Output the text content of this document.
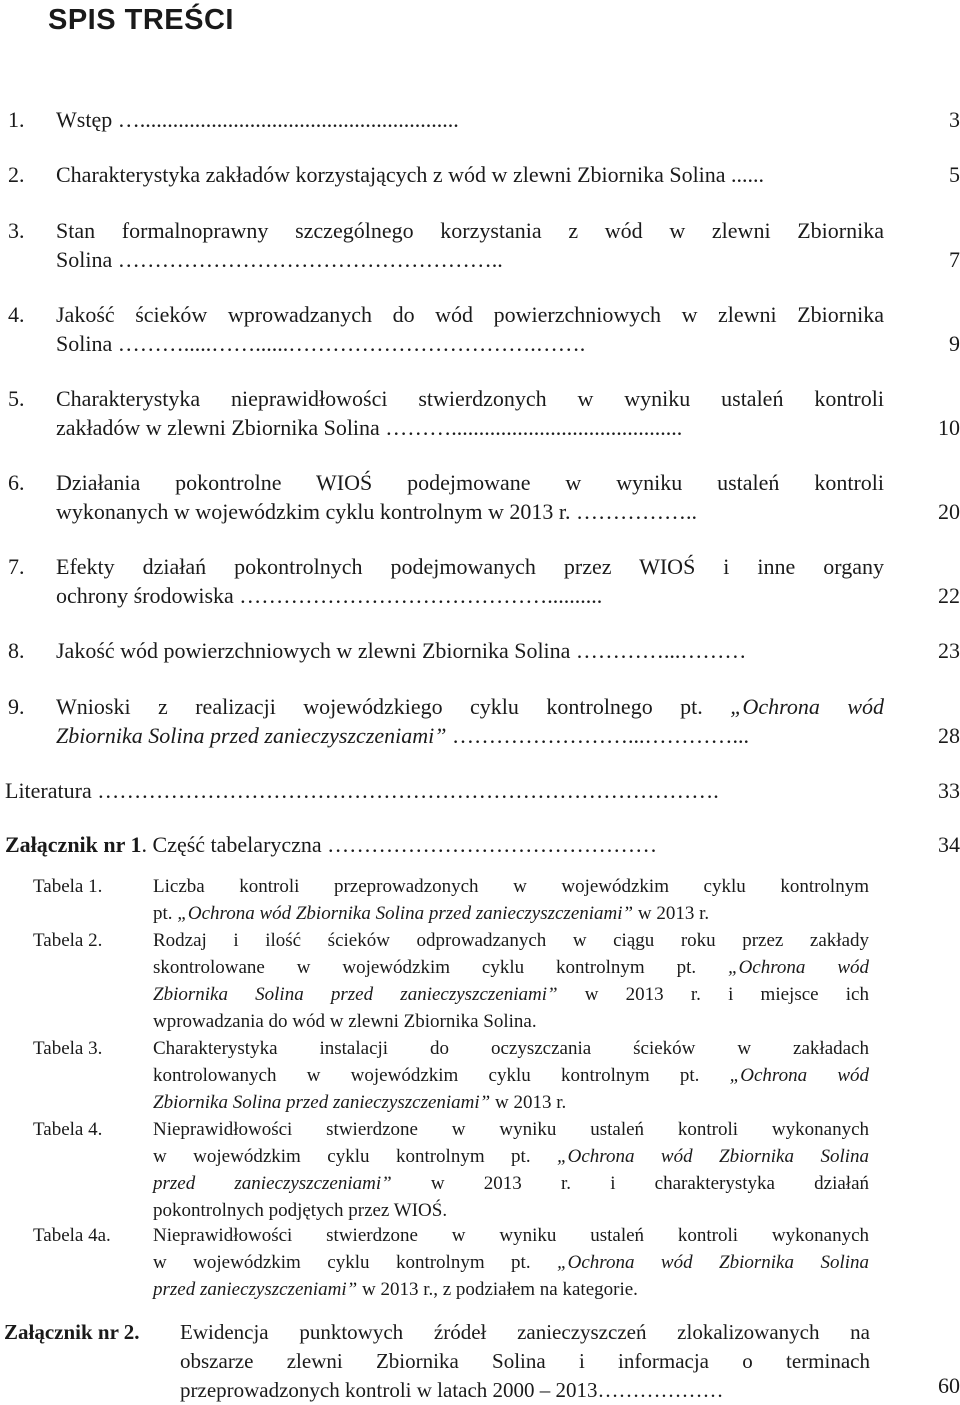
SPIS TREŚCI
1. Wstęp …..........................................................	3
2. Charakterystyka zakładów korzystających z wód w zlewni Zbiornika Solina ......	5
3. Stan formalnoprawny szczególnego korzystania z wód w zlewni Zbiornika
Solina ……………………………………………..	7
4. Jakość ścieków wprowadzanych do wód powierzchniowych w zlewni Zbiornika
Solina ……….....……......…………………………….…….	9
5. Charakterystyka nieprawidłowości stwierdzonych w wyniku ustaleń kontroli
zakładów w zlewni Zbiornika Solina ………..........................................	10
6. Działania pokontrolne WIOŚ podejmowane w wyniku ustaleń kontroli
wykonanych w wojewódzkim cyklu kontrolnym w 2013 r. ……………..	20
7. Efekty działań pokontrolnych podejmowanych przez WIOŚ i inne organy
ochrony środowiska ……………………………………..........	22
8. Jakość wód powierzchniowych w zlewni Zbiornika Solina …………...………	23
9. Wnioski z realizacji wojewódzkiego cyklu kontrolnego pt. „Ochrona wód
Zbiornika Solina przed zanieczyszczeniami” ……………………...…………...	28
Literatura ………………………………………………………………………….	33
Załącznik nr 1. Część tabelaryczna ………………………………………	34
Tabela 1.	Liczba kontroli przeprowadzonych w wojewódzkim cyklu kontrolnym
pt. „Ochrona wód Zbiornika Solina przed zanieczyszczeniami” w 2013 r.
Tabela 2.	Rodzaj i ilość ścieków odprowadzanych w ciągu roku przez zakłady
skontrolowane w wojewódzkim cyklu kontrolnym pt. „Ochrona wód
Zbiornika Solina przed zanieczyszczeniami” w 2013 r. i miejsce ich
wprowadzania do wód w zlewni Zbiornika Solina.
Tabela 3.	Charakterystyka instalacji do oczyszczania ścieków w zakładach
kontrolowanych w wojewódzkim cyklu kontrolnym pt. „Ochrona wód
Zbiornika Solina przed zanieczyszczeniami” w 2013 r.
Tabela 4.	Nieprawidłowości stwierdzone w wyniku ustaleń kontroli wykonanych
w wojewódzkim cyklu kontrolnym pt. „Ochrona wód Zbiornika Solina
przed zanieczyszczeniami” w 2013 r. i charakterystyka działań
pokontrolnych podjętych przez WIOŚ.
Tabela 4a. Nieprawidłowości stwierdzone w wyniku ustaleń kontroli wykonanych
w wojewódzkim cyklu kontrolnym pt. „Ochrona wód Zbiornika Solina
przed zanieczyszczeniami” w 2013 r., z podziałem na kategorie.
Załącznik nr 2. Ewidencja punktowych źródeł zanieczyszczeń zlokalizowanych na
obszarze zlewni Zbiornika Solina i informacja o terminach
przeprowadzonych kontroli w latach 2000 – 2013………………	60
